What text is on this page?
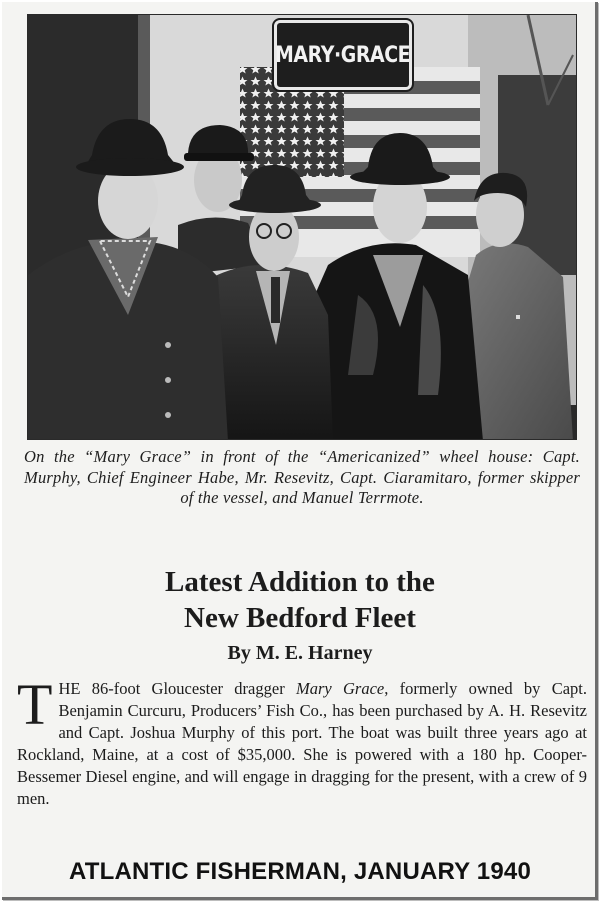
MARY·GRACE

On the “Mary Grace” in front of the “Americanized” wheel house: Capt. Murphy, Chief Engineer Habe, Mr. Resevitz, Capt. Ciaramitaro, former skipper of the vessel, and Manuel Terrmote.

Latest Addition to the
New Bedford Fleet
By M. E. Harney

THE 86-foot Gloucester dragger Mary Grace, formerly owned by Capt. Benjamin Curcuru, Producers’ Fish Co., has been purchased by A. H. Resevitz and Capt. Joshua Murphy of this port. The boat was built three years ago at Rockland, Maine, at a cost of $35,000. She is powered with a 180 hp. Cooper-Bessemer Diesel engine, and will engage in dragging for the present, with a crew of 9 men.

ATLANTIC FISHERMAN, JANUARY 1940
